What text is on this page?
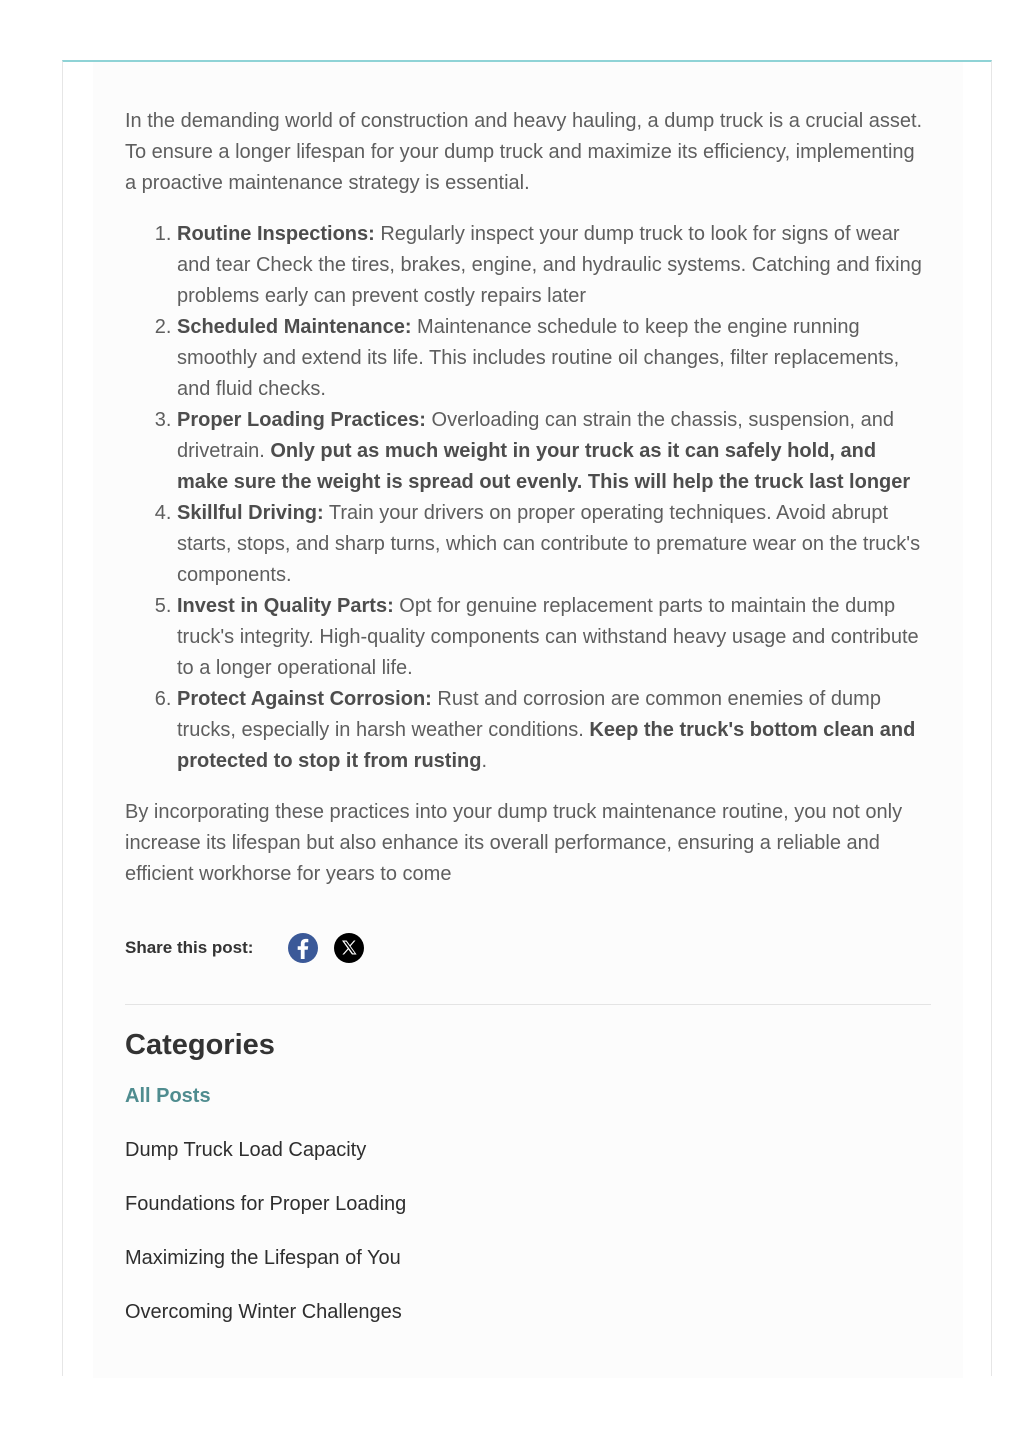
In the demanding world of construction and heavy hauling, a dump truck is a crucial asset. To ensure a longer lifespan for your dump truck and maximize its efficiency, implementing a proactive maintenance strategy is essential.

1. Routine Inspections: Regularly inspect your dump truck to look for signs of wear and tear Check the tires, brakes, engine, and hydraulic systems. Catching and fixing problems early can prevent costly repairs later
2. Scheduled Maintenance: Maintenance schedule to keep the engine running smoothly and extend its life. This includes routine oil changes, filter replacements, and fluid checks.
3. Proper Loading Practices: Overloading can strain the chassis, suspension, and drivetrain. Only put as much weight in your truck as it can safely hold, and make sure the weight is spread out evenly. This will help the truck last longer
4. Skillful Driving: Train your drivers on proper operating techniques. Avoid abrupt starts, stops, and sharp turns, which can contribute to premature wear on the truck's components.
5. Invest in Quality Parts: Opt for genuine replacement parts to maintain the dump truck's integrity. High-quality components can withstand heavy usage and contribute to a longer operational life.
6. Protect Against Corrosion: Rust and corrosion are common enemies of dump trucks, especially in harsh weather conditions. Keep the truck's bottom clean and protected to stop it from rusting.

By incorporating these practices into your dump truck maintenance routine, you not only increase its lifespan but also enhance its overall performance, ensuring a reliable and efficient workhorse for years to come

Share this post:
Categories
All Posts
Dump Truck Load Capacity
Foundations for Proper Loading
Maximizing the Lifespan of You
Overcoming Winter Challenges
